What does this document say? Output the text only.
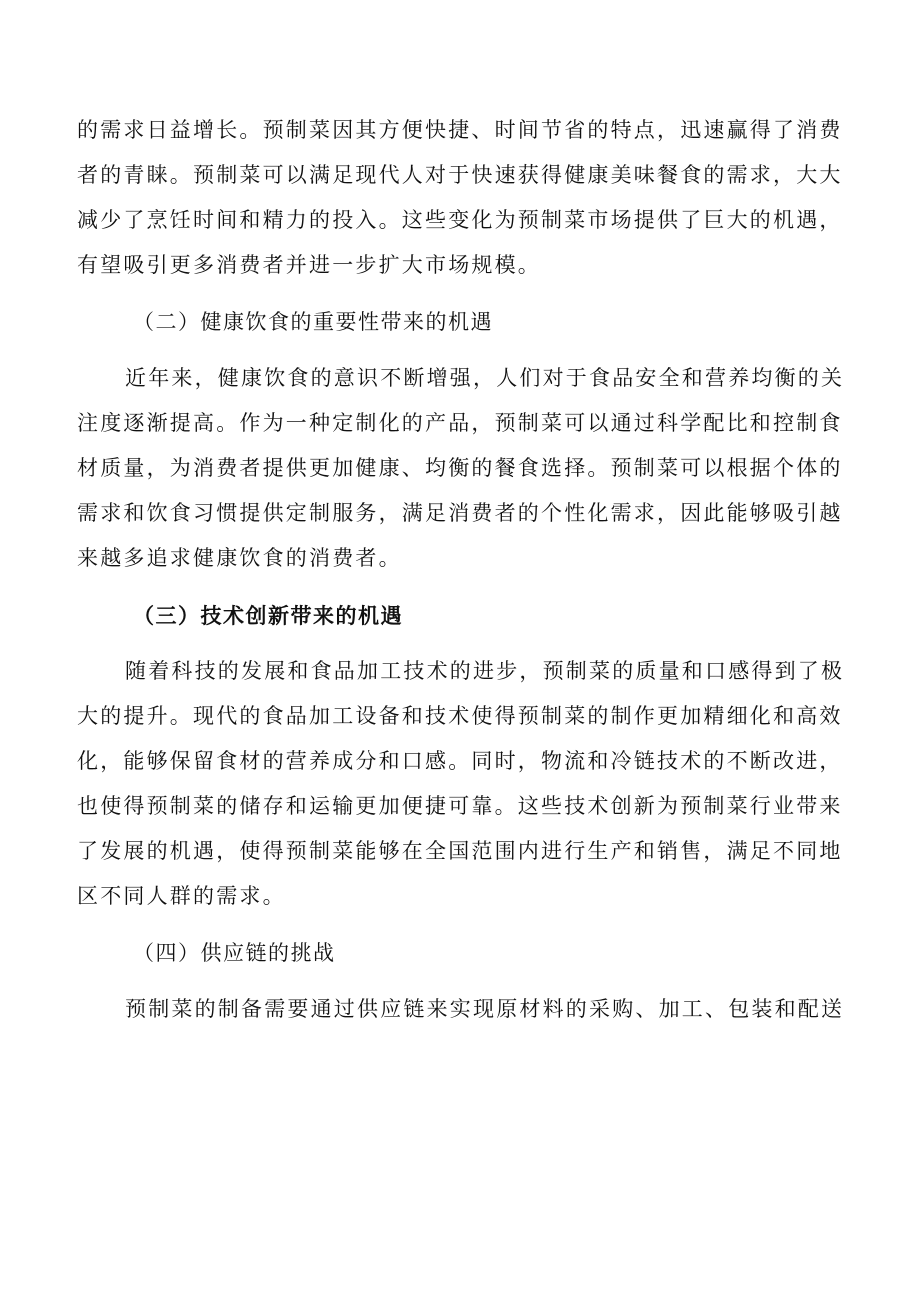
的需求日益增长。预制菜因其方便快捷、时间节省的特点，迅速赢得了消费
者的青睐。预制菜可以满足现代人对于快速获得健康美味餐食的需求，大大
减少了烹饪时间和精力的投入。这些变化为预制菜市场提供了巨大的机遇，
有望吸引更多消费者并进一步扩大市场规模。
（二）健康饮食的重要性带来的机遇
近年来，健康饮食的意识不断增强，人们对于食品安全和营养均衡的关
注度逐渐提高。作为一种定制化的产品，预制菜可以通过科学配比和控制食
材质量，为消费者提供更加健康、均衡的餐食选择。预制菜可以根据个体的
需求和饮食习惯提供定制服务，满足消费者的个性化需求，因此能够吸引越
来越多追求健康饮食的消费者。
（三）技术创新带来的机遇
随着科技的发展和食品加工技术的进步，预制菜的质量和口感得到了极
大的提升。现代的食品加工设备和技术使得预制菜的制作更加精细化和高效
化，能够保留食材的营养成分和口感。同时，物流和冷链技术的不断改进，
也使得预制菜的储存和运输更加便捷可靠。这些技术创新为预制菜行业带来
了发展的机遇，使得预制菜能够在全国范围内进行生产和销售，满足不同地
区不同人群的需求。
（四）供应链的挑战
预制菜的制备需要通过供应链来实现原材料的采购、加工、包装和配送
